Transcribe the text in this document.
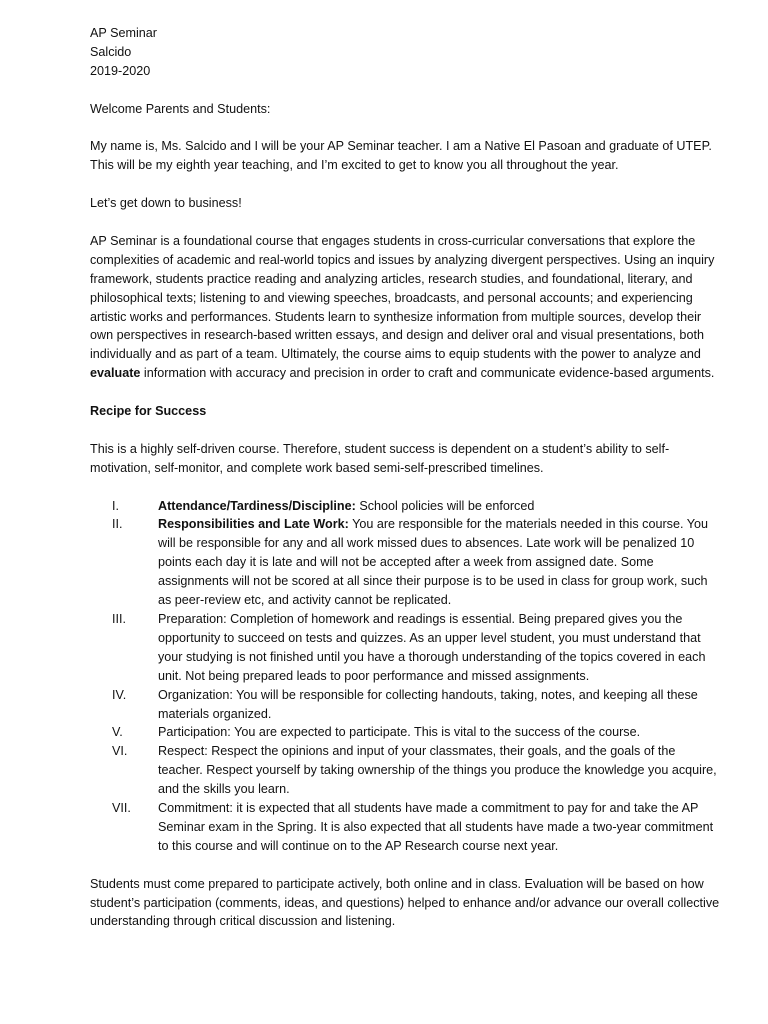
AP Seminar

Salcido

2019-2020

Welcome Parents and Students:

My name is, Ms. Salcido and I will be your AP Seminar teacher. I am a Native El Pasoan and graduate of UTEP. This will be my eighth year teaching, and I’m excited to get to know you all throughout the year.

Let’s get down to business!

AP Seminar is a foundational course that engages students in cross-curricular conversations that explore the complexities of academic and real-world topics and issues by analyzing divergent perspectives. Using an inquiry framework, students practice reading and analyzing articles, research studies, and foundational, literary, and philosophical texts; listening to and viewing speeches, broadcasts, and personal accounts; and experiencing artistic works and performances. Students learn to synthesize information from multiple sources, develop their own perspectives in research-based written essays, and design and deliver oral and visual presentations, both individually and as part of a team. Ultimately, the course aims to equip students with the power to analyze and evaluate information with accuracy and precision in order to craft and communicate evidence-based arguments.

Recipe for Success

This is a highly self-driven course. Therefore, student success is dependent on a student’s ability to self-motivation, self-monitor, and complete work based semi-self-prescribed timelines.

I.	Attendance/Tardiness/Discipline: School policies will be enforced
II.	Responsibilities and Late Work: You are responsible for the materials needed in this course. You will be responsible for any and all work missed dues to absences. Late work will be penalized 10 points each day it is late and will not be accepted after a week from assigned date. Some assignments will not be scored at all since their purpose is to be used in class for group work, such as peer-review etc, and activity cannot be replicated.
III.	Preparation: Completion of homework and readings is essential. Being prepared gives you the opportunity to succeed on tests and quizzes. As an upper level student, you must understand that your studying is not finished until you have a thorough understanding of the topics covered in each unit. Not being prepared leads to poor performance and missed assignments.
IV.	Organization: You will be responsible for collecting handouts, taking, notes, and keeping all these materials organized.
V.	Participation: You are expected to participate. This is vital to the success of the course.
VI. Respect: Respect the opinions and input of your classmates, their goals, and the goals of the teacher. Respect yourself by taking ownership of the things you produce the knowledge you acquire, and the skills you learn.
VII. Commitment: it is expected that all students have made a commitment to pay for and take the AP Seminar exam in the Spring. It is also expected that all students have made a two-year commitment to this course and will continue on to the AP Research course next year.

Students must come prepared to participate actively, both online and in class. Evaluation will be based on how student’s participation (comments, ideas, and questions) helped to enhance and/or advance our overall collective understanding through critical discussion and listening.
